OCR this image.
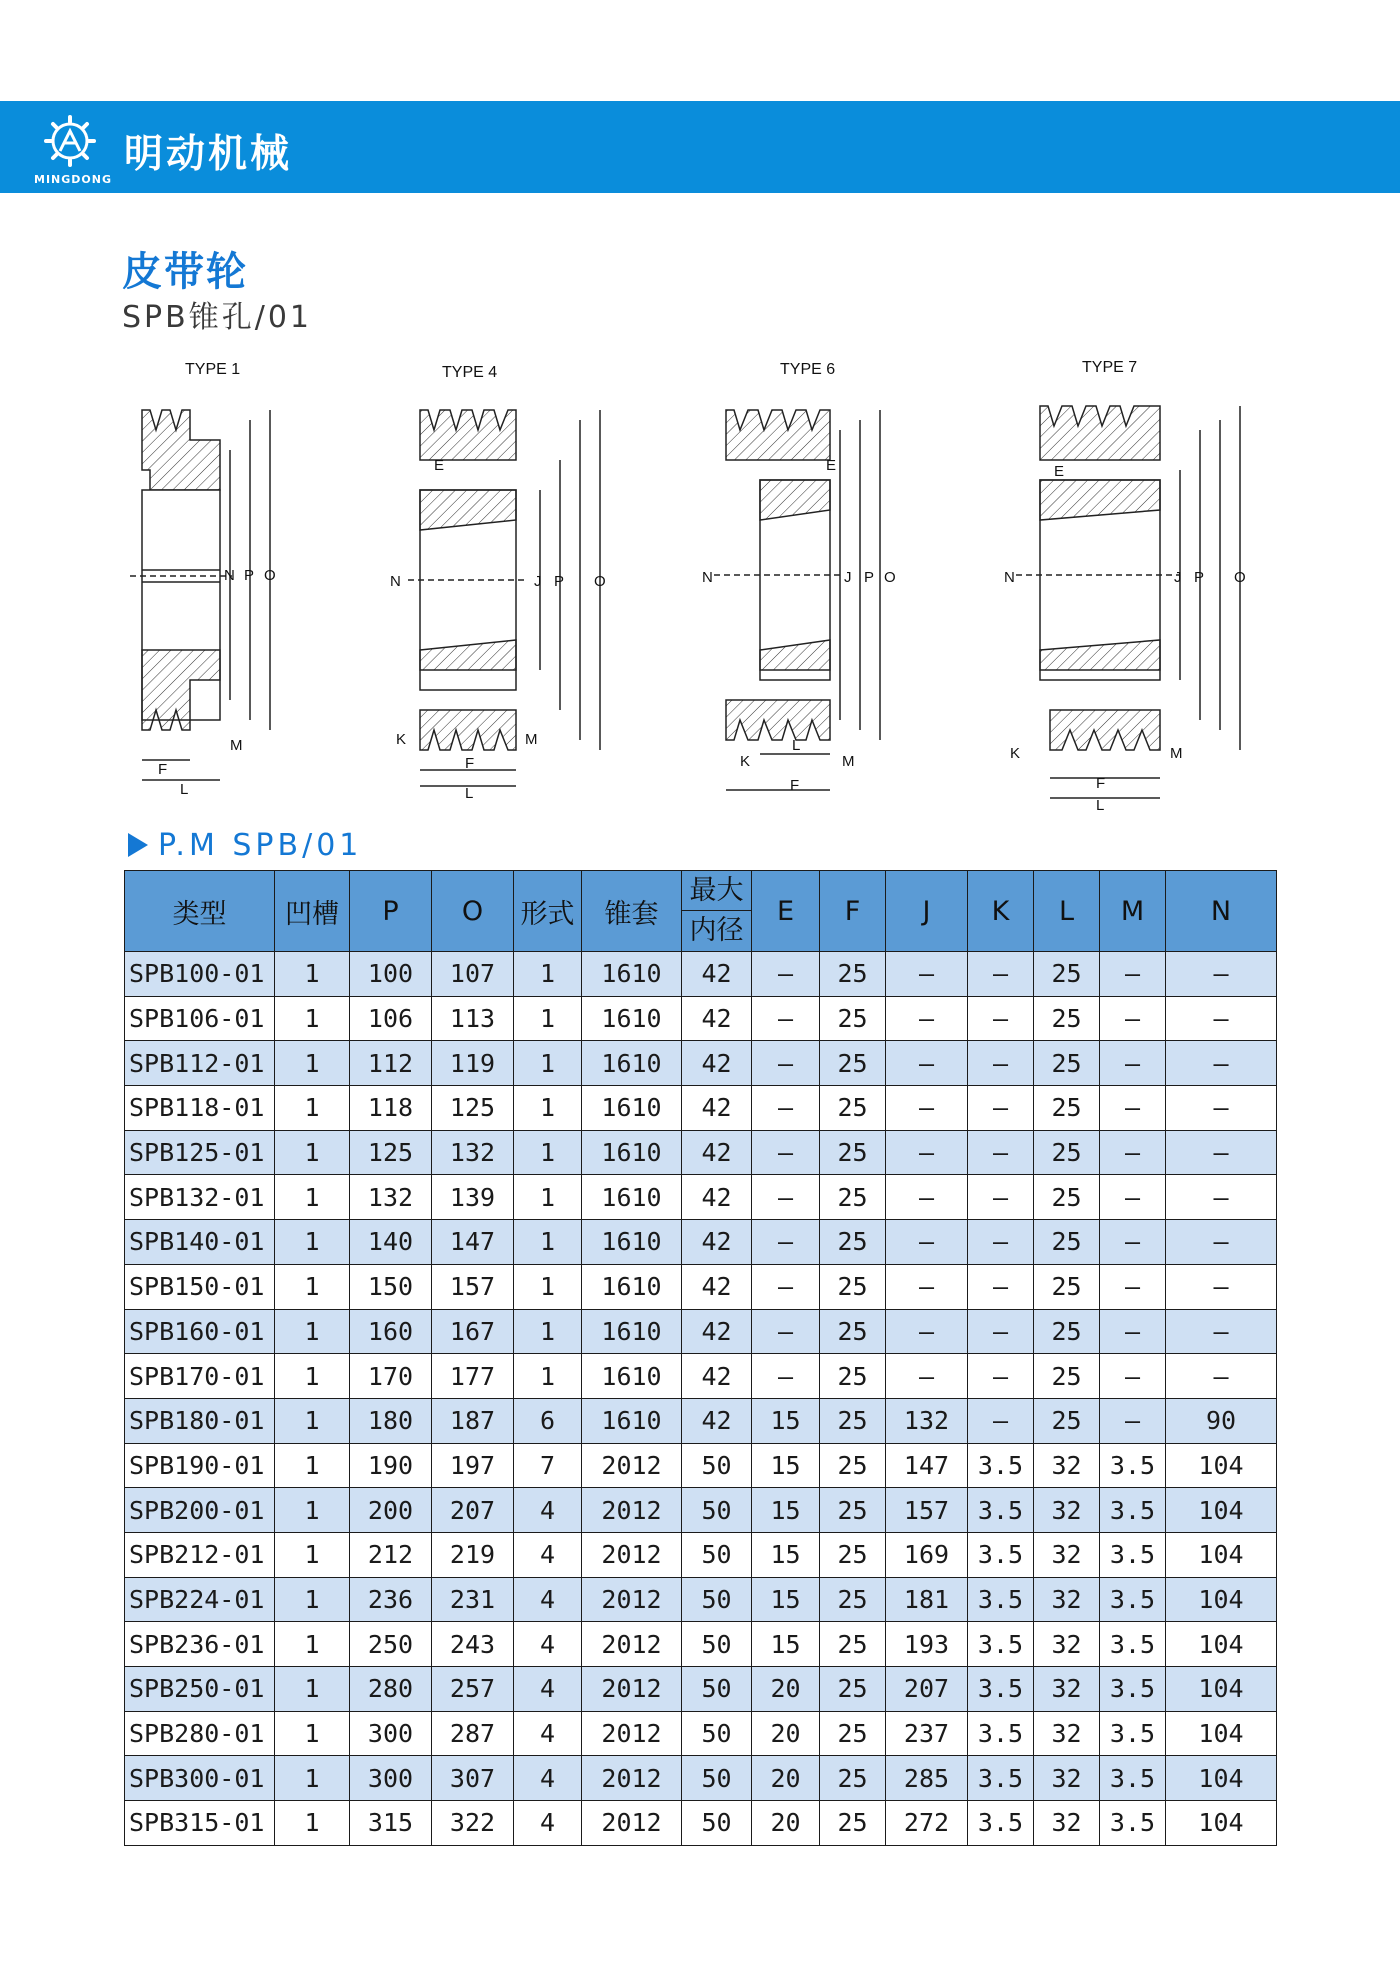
MINGDONG
明动机械
皮带轮
SPB锥孔/01
TYPE 1	TYPE 4	TYPE 6	TYPE 7
N P O
F
L
M
E
N	J P O
K
F
L
M
E
N	J P O
K
L
F
M
E
N	J P O
K
F
L
M
P.M SPB/01
类型	凹槽	P	O	形式	锥套	最大
内径	E	F	J	K	L	M	N
SPB100-01	1	100	107	1	1610	42	—	25	—	—	25	—	—
SPB106-01	1	106	113	1	1610	42	—	25	—	—	25	—	—
SPB112-01	1	112	119	1	1610	42	—	25	—	—	25	—	—
SPB118-01	1	118	125	1	1610	42	—	25	—	—	25	—	—
SPB125-01	1	125	132	1	1610	42	—	25	—	—	25	—	—
SPB132-01	1	132	139	1	1610	42	—	25	—	—	25	—	—
SPB140-01	1	140	147	1	1610	42	—	25	—	—	25	—	—
SPB150-01	1	150	157	1	1610	42	—	25	—	—	25	—	—
SPB160-01	1	160	167	1	1610	42	—	25	—	—	25	—	—
SPB170-01	1	170	177	1	1610	42	—	25	—	—	25	—	—
SPB180-01	1	180	187	6	1610	42	15	25	132	—	25	—	90
SPB190-01	1	190	197	7	2012	50	15	25	147	3.5	32	3.5	104
SPB200-01	1	200	207	4	2012	50	15	25	157	3.5	32	3.5	104
SPB212-01	1	212	219	4	2012	50	15	25	169	3.5	32	3.5	104
SPB224-01	1	236	231	4	2012	50	15	25	181	3.5	32	3.5	104
SPB236-01	1	250	243	4	2012	50	15	25	193	3.5	32	3.5	104
SPB250-01	1	280	257	4	2012	50	20	25	207	3.5	32	3.5	104
SPB280-01	1	300	287	4	2012	50	20	25	237	3.5	32	3.5	104
SPB300-01	1	300	307	4	2012	50	20	25	285	3.5	32	3.5	104
SPB315-01	1	315	322	4	2012	50	20	25	272	3.5	32	3.5	104
